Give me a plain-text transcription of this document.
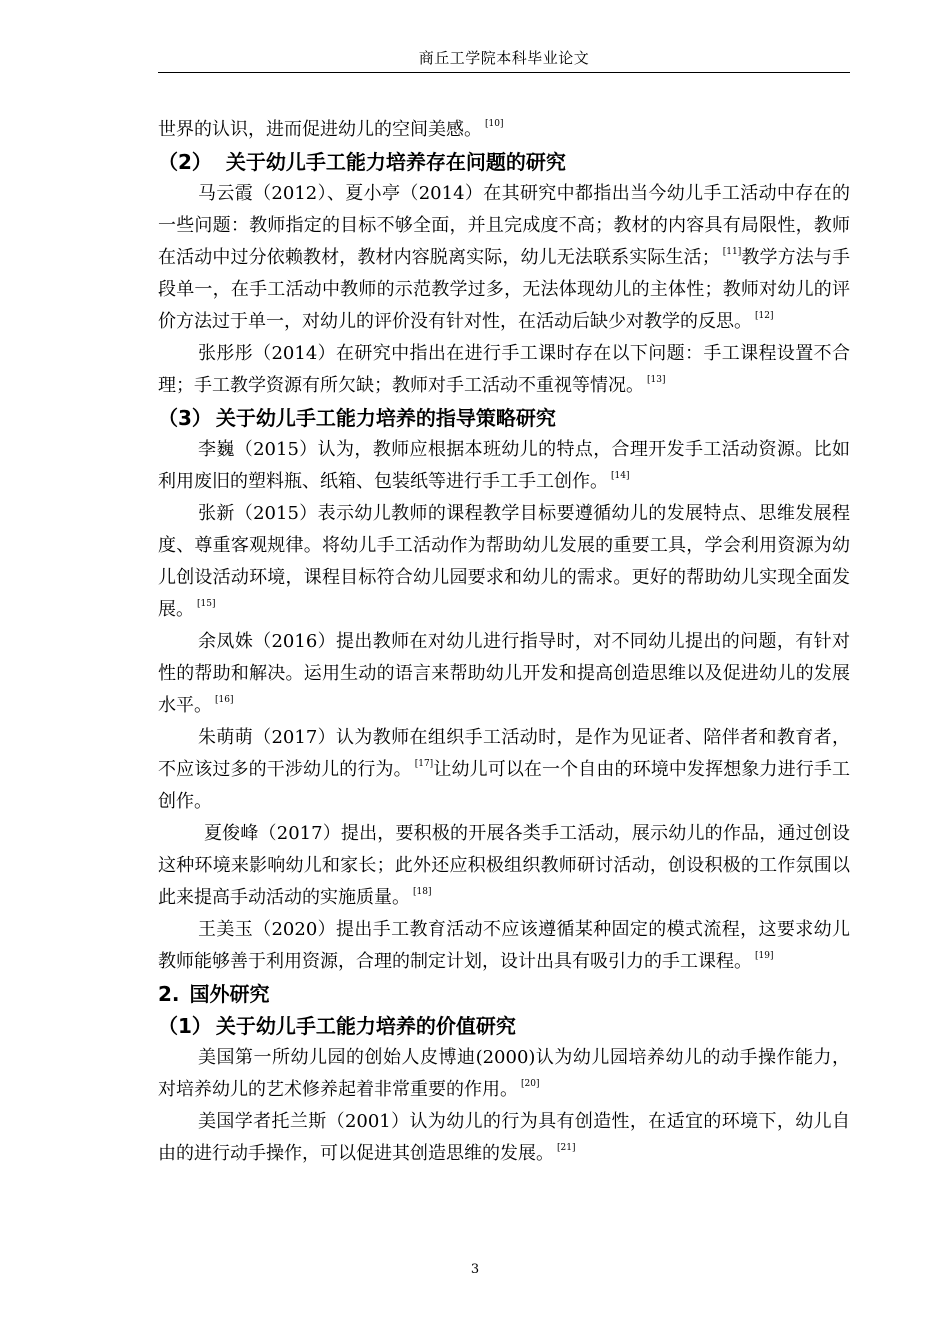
商丘工学院本科毕业论文

世界的认识，进而促进幼儿的空间美感。 [10]

（2） 关于幼儿手工能力培养存在问题的研究

马云霞（2012）、夏小亭（2014）在其研究中都指出当今幼儿手工活动中存在的一些问题：教师指定的目标不够全面，并且完成度不高；教材的内容具有局限性，教师在活动中过分依赖教材，教材内容脱离实际，幼儿无法联系实际生活； [11]教学方法与手段单一，在手工活动中教师的示范教学过多，无法体现幼儿的主体性；教师对幼儿的评价方法过于单一，对幼儿的评价没有针对性，在活动后缺少对教学的反思。 [12]

张彤彤（2014）在研究中指出在进行手工课时存在以下问题：手工课程设置不合理；手工教学资源有所欠缺；教师对手工活动不重视等情况。 [13]

（3） 关于幼儿手工能力培养的指导策略研究

李巍（2015）认为，教师应根据本班幼儿的特点，合理开发手工活动资源。比如利用废旧的塑料瓶、纸箱、包装纸等进行手工手工创作。 [14]

张新（2015）表示幼儿教师的课程教学目标要遵循幼儿的发展特点、思维发展程度、尊重客观规律。将幼儿手工活动作为帮助幼儿发展的重要工具，学会利用资源为幼儿创设活动环境，课程目标符合幼儿园要求和幼儿的需求。更好的帮助幼儿实现全面发展。 [15]

余凤姝（2016）提出教师在对幼儿进行指导时，对不同幼儿提出的问题，有针对性的帮助和解决。运用生动的语言来帮助幼儿开发和提高创造思维以及促进幼儿的发展水平。 [16]

朱萌萌（2017）认为教师在组织手工活动时，是作为见证者、陪伴者和教育者，不应该过多的干涉幼儿的行为。 [17]让幼儿可以在一个自由的环境中发挥想象力进行手工创作。

夏俊峰（2017）提出，要积极的开展各类手工活动，展示幼儿的作品，通过创设这种环境来影响幼儿和家长；此外还应积极组织教师研讨活动，创设积极的工作氛围以此来提高手动活动的实施质量。 [18]

王美玉（2020）提出手工教育活动不应该遵循某种固定的模式流程，这要求幼儿教师能够善于利用资源，合理的制定计划，设计出具有吸引力的手工课程。 [19]

2. 国外研究
（1） 关于幼儿手工能力培养的价值研究

美国第一所幼儿园的创始人皮博迪(2000)认为幼儿园培养幼儿的动手操作能力，对培养幼儿的艺术修养起着非常重要的作用。 [20]

美国学者托兰斯（2001）认为幼儿的行为具有创造性，在适宜的环境下，幼儿自由的进行动手操作，可以促进其创造思维的发展。 [21]

3
